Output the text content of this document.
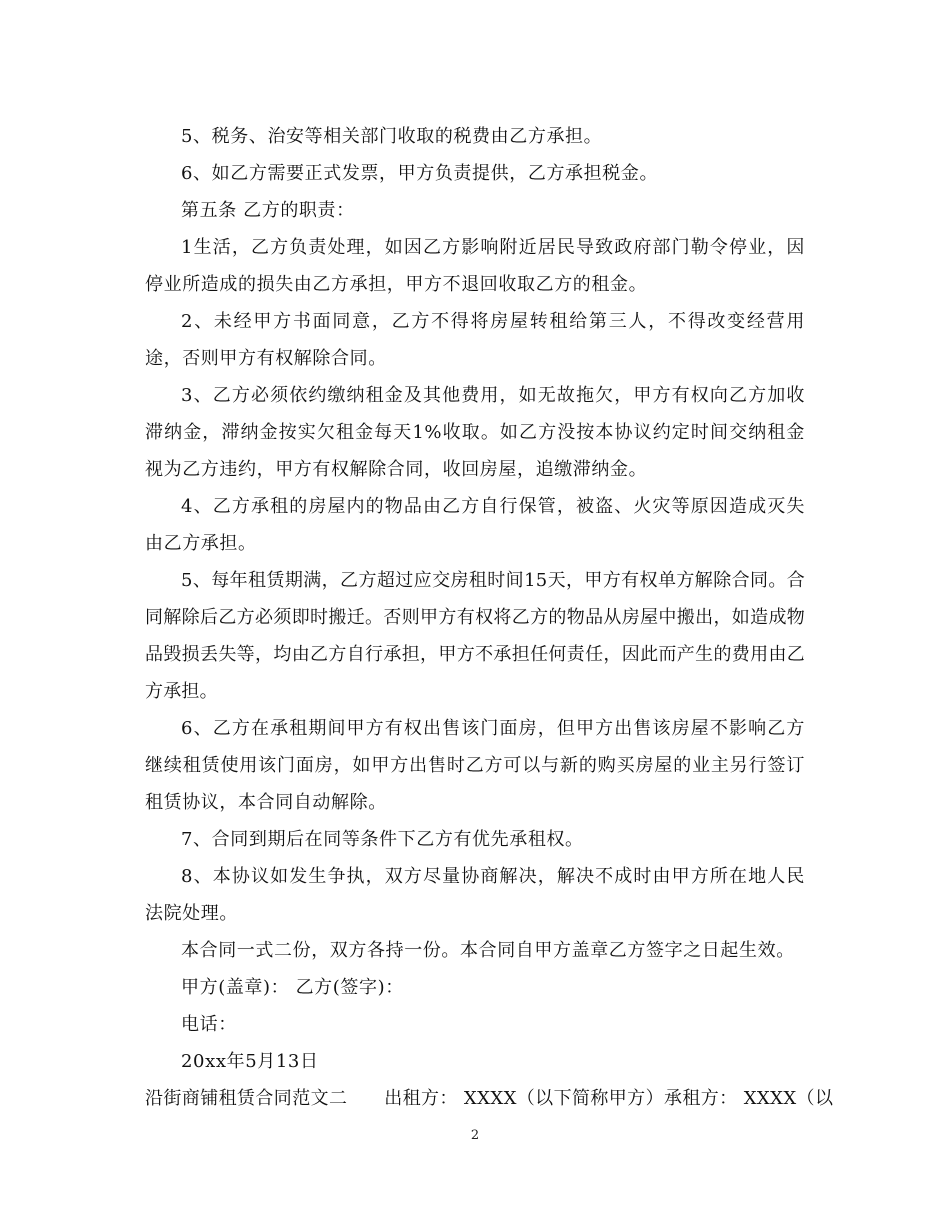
5、税务、治安等相关部门收取的税费由乙方承担。

6、如乙方需要正式发票，甲方负责提供，乙方承担税金。

第五条 乙方的职责：

1生活，乙方负责处理，如因乙方影响附近居民导致政府部门勒令停业，因停业所造成的损失由乙方承担，甲方不退回收取乙方的租金。

2、未经甲方书面同意，乙方不得将房屋转租给第三人，不得改变经营用途，否则甲方有权解除合同。

3、乙方必须依约缴纳租金及其他费用，如无故拖欠，甲方有权向乙方加收滞纳金，滞纳金按实欠租金每天1%收取。如乙方没按本协议约定时间交纳租金视为乙方违约，甲方有权解除合同，收回房屋，追缴滞纳金。

4、乙方承租的房屋内的物品由乙方自行保管，被盗、火灾等原因造成灭失由乙方承担。

5、每年租赁期满，乙方超过应交房租时间15天，甲方有权单方解除合同。合同解除后乙方必须即时搬迁。否则甲方有权将乙方的物品从房屋中搬出，如造成物品毁损丢失等，均由乙方自行承担，甲方不承担任何责任，因此而产生的费用由乙方承担。

6、乙方在承租期间甲方有权出售该门面房，但甲方出售该房屋不影响乙方继续租赁使用该门面房，如甲方出售时乙方可以与新的购买房屋的业主另行签订租赁协议，本合同自动解除。

7、合同到期后在同等条件下乙方有优先承租权。

8、本协议如发生争执，双方尽量协商解决，解决不成时由甲方所在地人民法院处理。

本合同一式二份，双方各持一份。本合同自甲方盖章乙方签字之日起生效。

甲方(盖章)： 乙方(签字)：

电话：

20xx年5月13日

沿街商铺租赁合同范文二　　出租方： XXXX（以下简称甲方）承租方： XXXX（以

2
